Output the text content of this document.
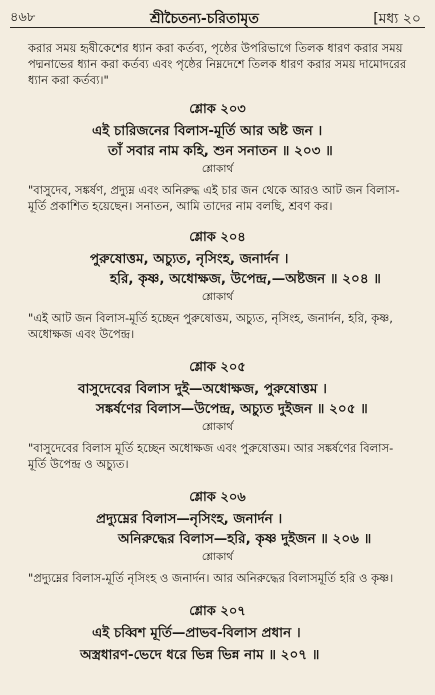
৪৬৮	শ্রীচৈতন্য-চরিতামৃত	[মধ্য ২০
করার সময় হৃষীকেশের ধ্যান করা কর্তব্য, পৃষ্ঠের উপরিভাগে তিলক ধারণ করার সময়
পদ্মনাভের ধ্যান করা কর্তব্য এবং পৃষ্ঠের নিম্নদেশে তিলক ধারণ করার সময় দামোদরের
ধ্যান করা কর্তব্য।"
শ্লোক ২০৩
এই চারিজনের বিলাস-মূর্তি আর অষ্ট জন ।
তাঁ সবার নাম কহি, শুন সনাতন ॥ ২০৩ ॥
শ্লোকার্থ
"বাসুদেব, সঙ্কর্ষণ, প্রদ্যুম্ন এবং অনিরুদ্ধ এই চার জন থেকে আরও আট জন বিলাস-
মূর্তি প্রকাশিত হয়েছেন। সনাতন, আমি তাদের নাম বলছি, শ্রবণ কর।
শ্লোক ২০৪
পুরুষোত্তম, অচ্যুত, নৃসিংহ, জনার্দন ।
হরি, কৃষ্ণ, অধোক্ষজ, উপেন্দ্র,—অষ্টজন ॥ ২০৪ ॥
শ্লোকার্থ
"এই আট জন বিলাস-মূর্তি হচ্ছেন পুরুষোত্তম, অচ্যুত, নৃসিংহ, জনার্দন, হরি, কৃষ্ণ,
অধোক্ষজ এবং উপেন্দ্র।
শ্লোক ২০৫
বাসুদেবের বিলাস দুই—অধোক্ষজ, পুরুষোত্তম ।
সঙ্কর্ষণের বিলাস—উপেন্দ্র, অচ্যুত দুইজন ॥ ২০৫ ॥
শ্লোকার্থ
"বাসুদেবের বিলাস মূর্তি হচ্ছেন অধোক্ষজ এবং পুরুষোত্তম। আর সঙ্কর্ষণের বিলাস-
মূর্তি উপেন্দ্র ও অচ্যুত।
শ্লোক ২০৬
প্রদ্যুম্নের বিলাস—নৃসিংহ, জনার্দন ।
অনিরুদ্ধের বিলাস—হরি, কৃষ্ণ দুইজন ॥ ২০৬ ॥
শ্লোকার্থ
"প্রদ্যুম্নের বিলাস-মূর্তি নৃসিংহ ও জনার্দন। আর অনিরুদ্ধের বিলাসমূর্তি হরি ও কৃষ্ণ।
শ্লোক ২০৭
এই চব্বিশ মূর্তি—প্রাভব-বিলাস প্রধান ।
অস্ত্রধারণ-ভেদে ধরে ভিন্ন ভিন্ন নাম ॥ ২০৭ ॥
